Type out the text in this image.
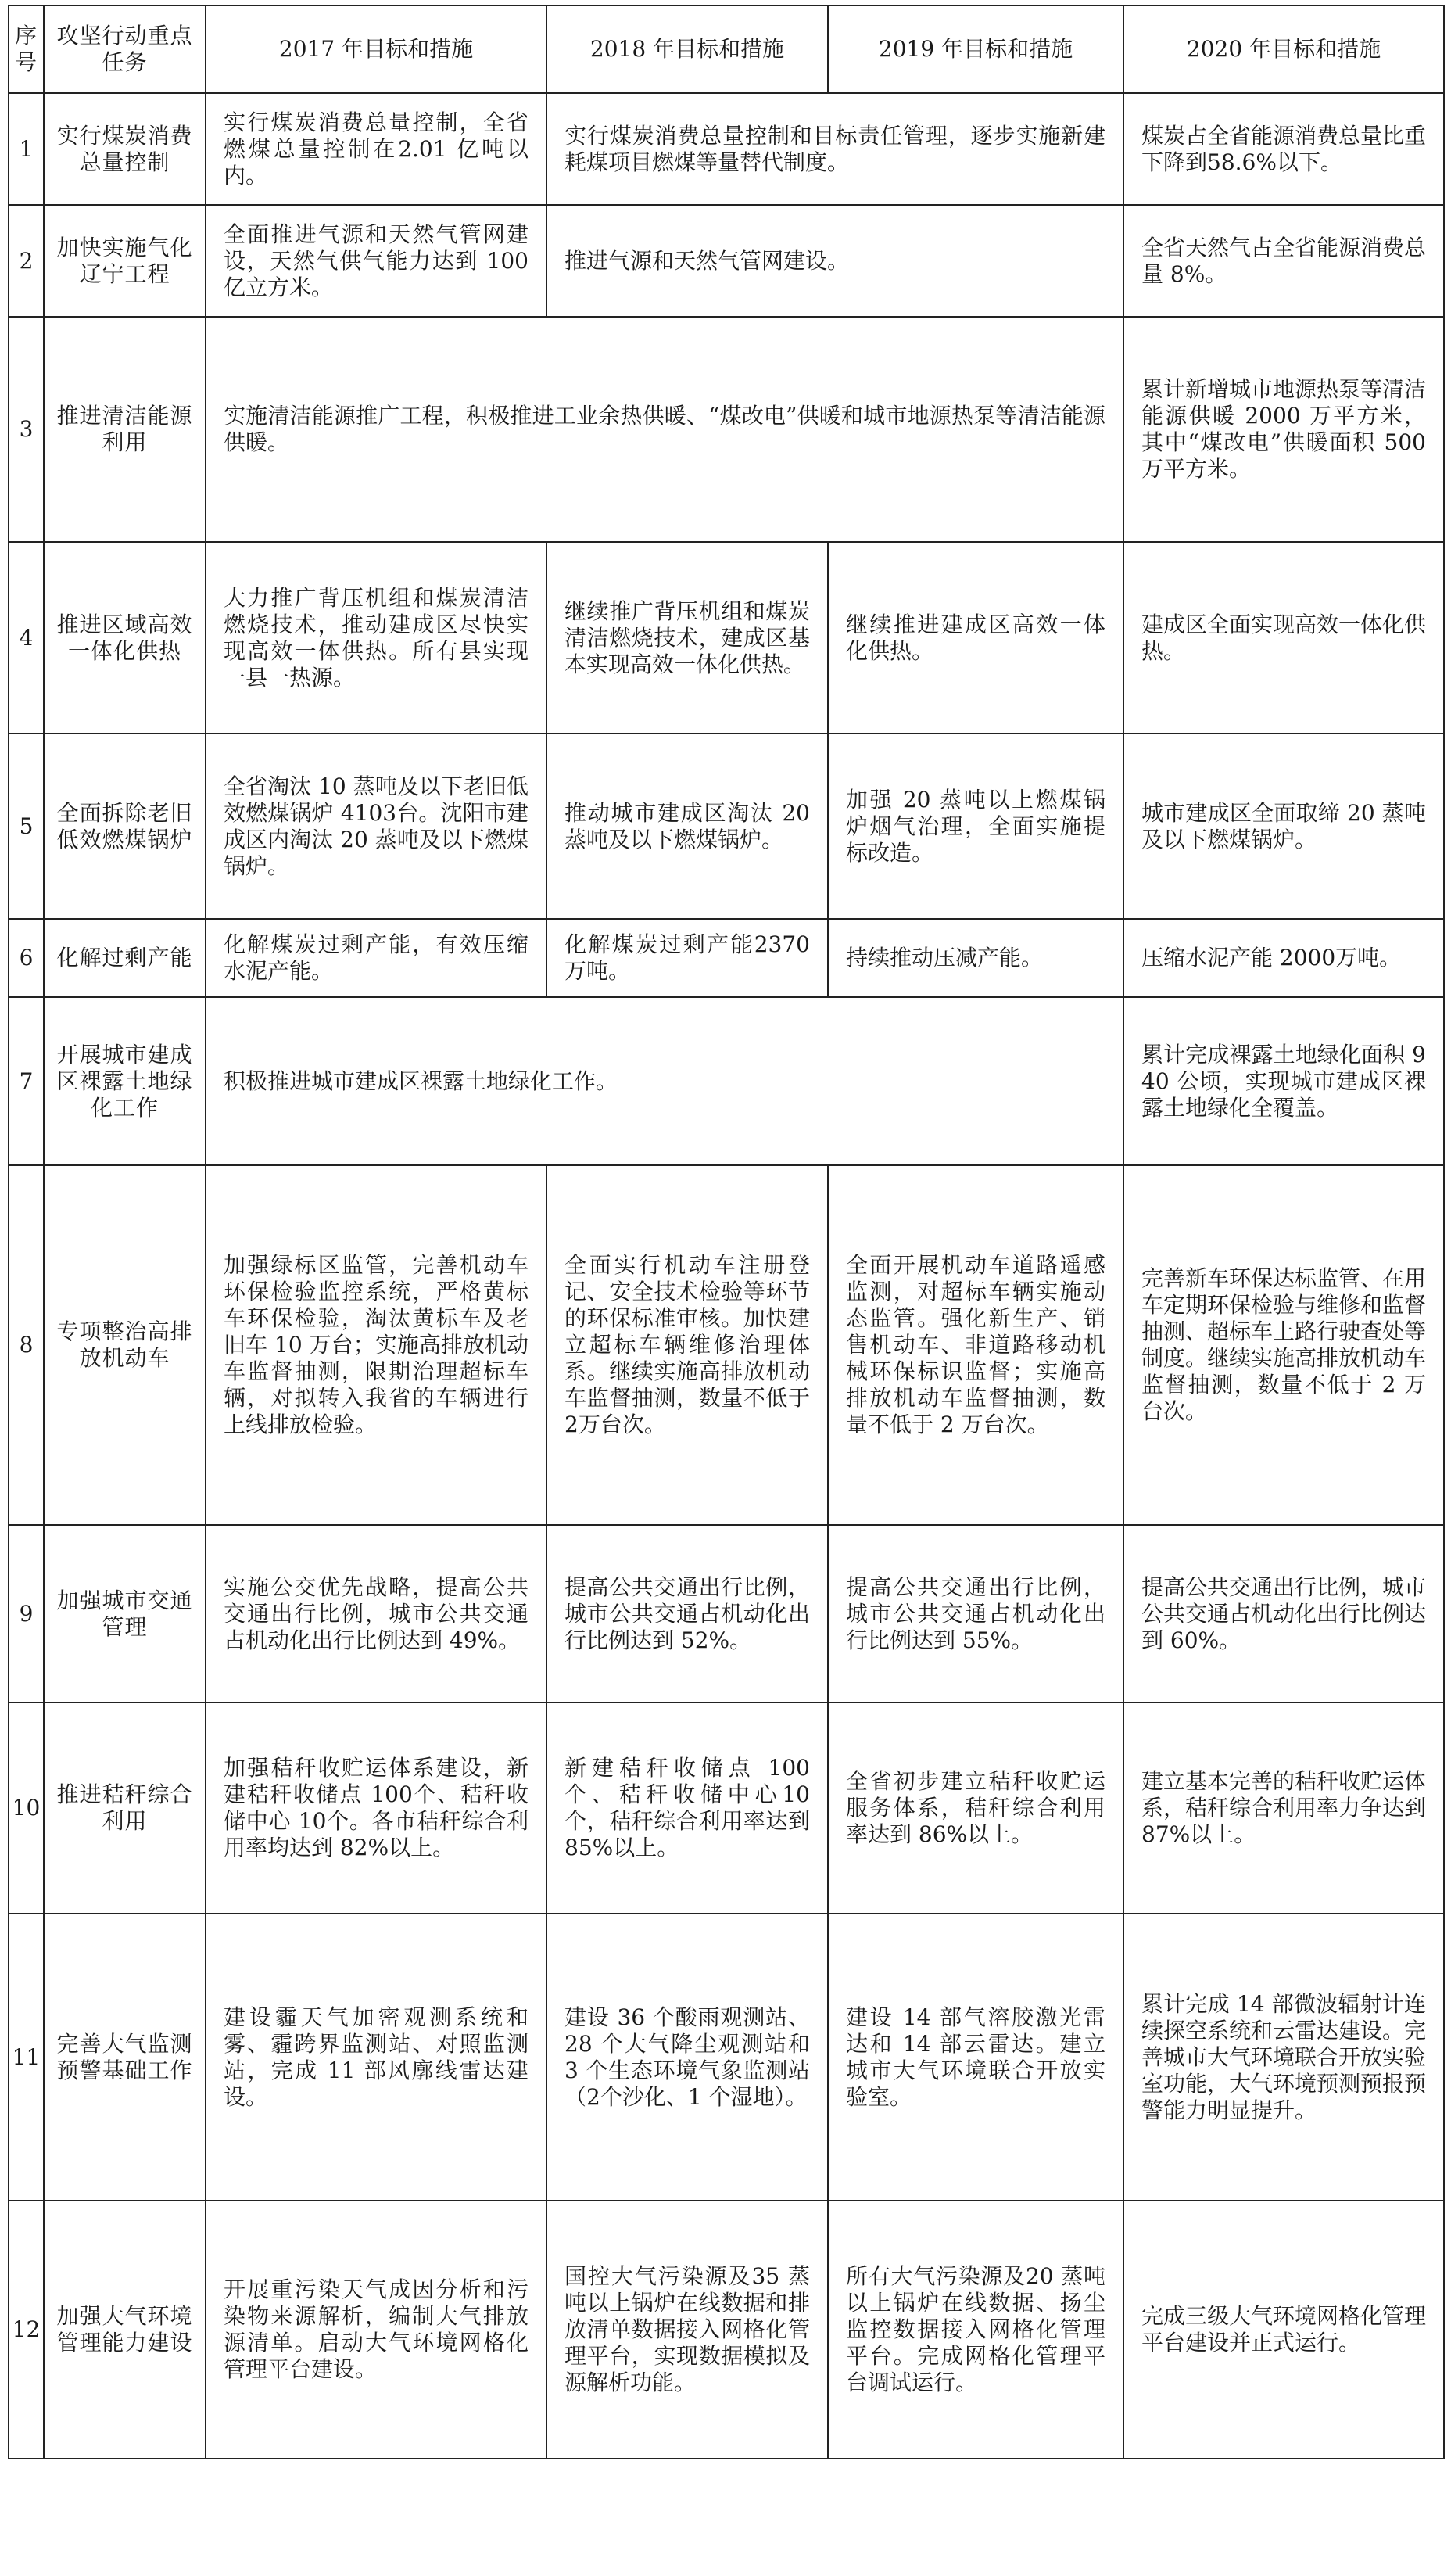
序号	攻坚行动重点任务	2017 年目标和措施	2018 年目标和措施	2019 年目标和措施	2020 年目标和措施
1	实行煤炭消费总量控制	实行煤炭消费总量控制，全省燃煤总量控制在2.01 亿吨以内。	实行煤炭消费总量控制和目标责任管理，逐步实施新建耗煤项目燃煤等量替代制度。		煤炭占全省能源消费总量比重下降到58.6%以下。
2	加快实施气化辽宁工程	全面推进气源和天然气管网建设，天然气供气能力达到 100 亿立方米。	推进气源和天然气管网建设。		全省天然气占全省能源消费总量 8%。
3	推进清洁能源利用	实施清洁能源推广工程，积极推进工业余热供暖、“煤改电”供暖和城市地源热泵等清洁能源供暖。			累计新增城市地源热泵等清洁能源供暖 2000 万平方米，其中“煤改电”供暖面积 500 万平方米。
4	推进区域高效一体化供热	大力推广背压机组和煤炭清洁燃烧技术，推动建成区尽快实现高效一体供热。所有县实现一县一热源。	继续推广背压机组和煤炭清洁燃烧技术，建成区基本实现高效一体化供热。	继续推进建成区高效一体化供热。	建成区全面实现高效一体化供热。
5	全面拆除老旧低效燃煤锅炉	全省淘汰 10 蒸吨及以下老旧低效燃煤锅炉 4103台。沈阳市建成区内淘汰 20 蒸吨及以下燃煤锅炉。	推动城市建成区淘汰 20 蒸吨及以下燃煤锅炉。	加强 20 蒸吨以上燃煤锅炉烟气治理，全面实施提标改造。	城市建成区全面取缔 20 蒸吨及以下燃煤锅炉。
6	化解过剩产能	化解煤炭过剩产能，有效压缩水泥产能。	化解煤炭过剩产能2370 万吨。	持续推动压减产能。	压缩水泥产能 2000万吨。
7	开展城市建成区裸露土地绿化工作	积极推进城市建成区裸露土地绿化工作。			累计完成裸露土地绿化面积 940 公顷，实现城市建成区裸露土地绿化全覆盖。
8	专项整治高排放机动车	加强绿标区监管，完善机动车环保检验监控系统，严格黄标车环保检验，淘汰黄标车及老旧车 10 万台；实施高排放机动车监督抽测，限期治理超标车辆，对拟转入我省的车辆进行上线排放检验。	全面实行机动车注册登记、安全技术检验等环节的环保标准审核。加快建立超标车辆维修治理体系。继续实施高排放机动车监督抽测，数量不低于 2万台次。	全面开展机动车道路遥感监测，对超标车辆实施动态监管。强化新生产、销售机动车、非道路移动机械环保标识监督；实施高排放机动车监督抽测，数量不低于 2 万台次。	完善新车环保达标监管、在用车定期环保检验与维修和监督抽测、超标车上路行驶查处等制度。继续实施高排放机动车监督抽测，数量不低于 2 万台次。
9	加强城市交通管理	实施公交优先战略，提高公共交通出行比例，城市公共交通占机动化出行比例达到 49%。	提高公共交通出行比例，城市公共交通占机动化出行比例达到 52%。	提高公共交通出行比例，城市公共交通占机动化出行比例达到 55%。	提高公共交通出行比例，城市公共交通占机动化出行比例达到 60%。
10	推进秸秆综合利用	加强秸秆收贮运体系建设，新建秸秆收储点 100个、秸秆收储中心 10个。各市秸秆综合利用率均达到 82%以上。	新建秸秆收储点 100个、秸秆收储中心10 个，秸秆综合利用率达到 85%以上。	全省初步建立秸秆收贮运服务体系，秸秆综合利用率达到 86%以上。	建立基本完善的秸秆收贮运体系，秸秆综合利用率力争达到 87%以上。
11	完善大气监测预警基础工作	建设霾天气加密观测系统和雾、霾跨界监测站、对照监测站，完成 11 部风廓线雷达建设。	建设 36 个酸雨观测站、28 个大气降尘观测站和 3 个生态环境气象监测站（2个沙化、1 个湿地）。	建设 14 部气溶胶激光雷达和 14 部云雷达。建立城市大气环境联合开放实验室。	累计完成 14 部微波辐射计连续探空系统和云雷达建设。完善城市大气环境联合开放实验室功能，大气环境预测预报预警能力明显提升。
12	加强大气环境管理能力建设	开展重污染天气成因分析和污染物来源解析，编制大气排放源清单。启动大气环境网格化管理平台建设。	国控大气污染源及35 蒸吨以上锅炉在线数据和排放清单数据接入网格化管理平台，实现数据模拟及源解析功能。	所有大气污染源及20 蒸吨以上锅炉在线数据、扬尘监控数据接入网格化管理平台。完成网格化管理平台调试运行。	完成三级大气环境网格化管理平台建设并正式运行。
